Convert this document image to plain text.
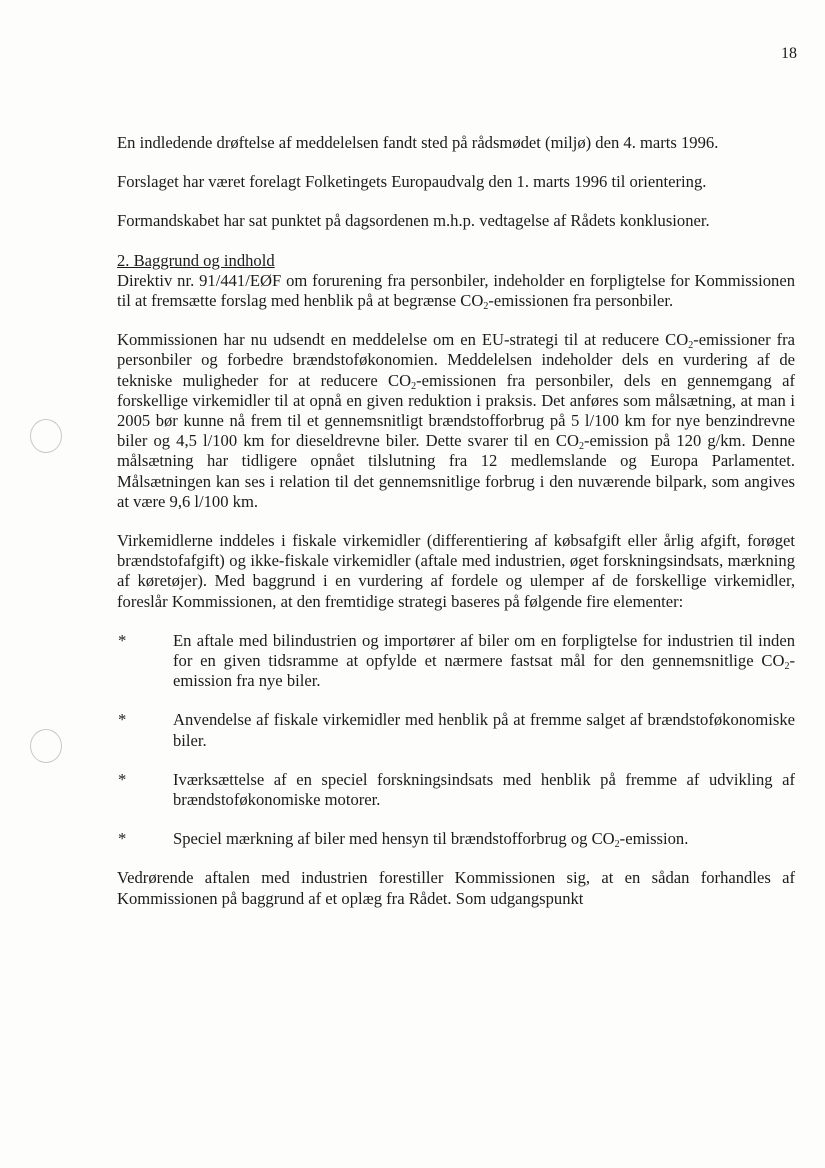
18

En indledende drøftelse af meddelelsen fandt sted på rådsmødet (miljø) den 4. marts 1996.

Forslaget har været forelagt Folketingets Europaudvalg den 1. marts 1996 til orientering.

Formandskabet har sat punktet på dagsordenen m.h.p. vedtagelse af Rådets konklusioner.

2. Baggrund og indhold

Direktiv nr. 91/441/EØF om forurening fra personbiler, indeholder en forpligtelse for Kommissionen til at fremsætte forslag med henblik på at begrænse $CO_2$-emissionen fra personbiler.

Kommissionen har nu udsendt en meddelelse om en EU-strategi til at reducere $CO_2$-emissioner fra personbiler og forbedre brændstoføkonomien. Meddelelsen indeholder dels en vurdering af de tekniske muligheder for at reducere $CO_2$-emissionen fra personbiler, dels en gennemgang af forskellige virkemidler til at opnå en given reduktion i praksis. Det anføres som målsætning, at man i 2005 bør kunne nå frem til et gennemsnitligt brændstofforbrug på 5 l/100 km for nye benzindrevne biler og 4,5 l/100 km for dieseldrevne biler. Dette svarer til en $CO_2$-emission på 120 g/km. Denne målsætning har tidligere opnået tilslutning fra 12 medlemslande og Europa Parlamentet. Målsætningen kan ses i relation til det gennemsnitlige forbrug i den nuværende bilpark, som angives at være 9,6 l/100 km.

Virkemidlerne inddeles i fiskale virkemidler (differentiering af købsafgift eller årlig afgift, forøget brændstofafgift) og ikke-fiskale virkemidler (aftale med industrien, øget forskningsindsats, mærkning af køretøjer). Med baggrund i en vurdering af fordele og ulemper af de forskellige virkemidler, foreslår Kommissionen, at den fremtidige strategi baseres på følgende fire elementer:

*	En aftale med bilindustrien og importører af biler om en forpligtelse for industrien til inden for en given tidsramme at opfylde et nærmere fastsat mål for den gennemsnitlige $CO_2$-emission fra nye biler.
*	Anvendelse af fiskale virkemidler med henblik på at fremme salget af brændstoføkonomiske biler.
*	Iværksættelse af en speciel forskningsindsats med henblik på fremme af udvikling af brændstoføkonomiske motorer.
*	Speciel mærkning af biler med hensyn til brændstofforbrug og $CO_2$-emission.

Vedrørende aftalen med industrien forestiller Kommissionen sig, at en sådan forhandles af Kommissionen på baggrund af et oplæg fra Rådet. Som udgangspunkt
